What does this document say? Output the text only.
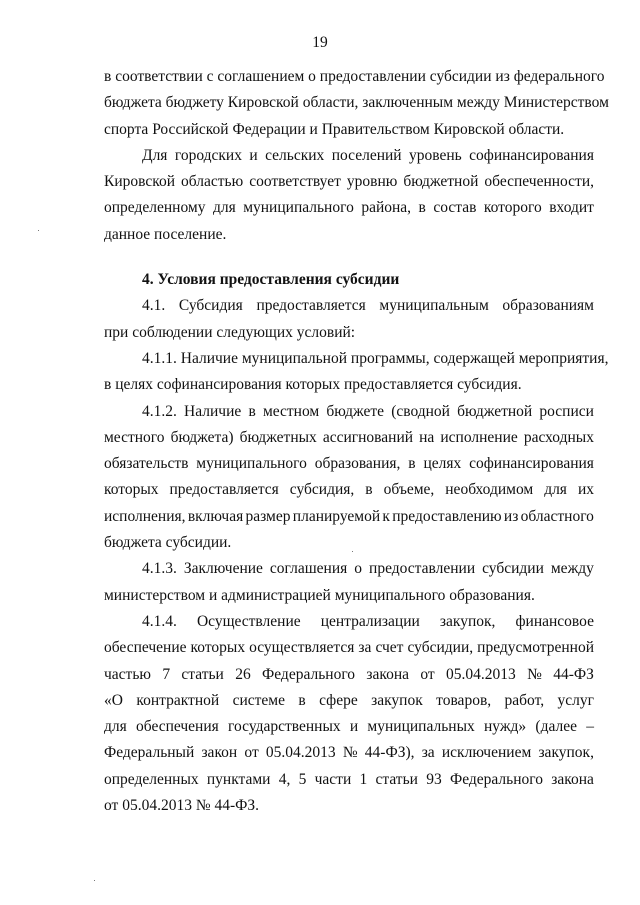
19
в соответствии с соглашением о предоставлении субсидии из федерального
бюджета бюджету Кировской области, заключенным между Министерством
спорта Российской Федерации и Правительством Кировской области.
Для городских и сельских поселений уровень софинансирования
Кировской областью соответствует уровню бюджетной обеспеченности,
определенному для муниципального района, в состав которого входит
данное поселение.
4. Условия предоставления субсидии
4.1. Субсидия предоставляется муниципальным образованиям
при соблюдении следующих условий:
4.1.1. Наличие муниципальной программы, содержащей мероприятия,
в целях софинансирования которых предоставляется субсидия.
4.1.2. Наличие в местном бюджете (сводной бюджетной росписи
местного бюджета) бюджетных ассигнований на исполнение расходных
обязательств муниципального образования, в целях софинансирования
которых предоставляется субсидия, в объеме, необходимом для их
исполнения, включая размер планируемой к предоставлению из областного
бюджета субсидии.
4.1.3. Заключение соглашения о предоставлении субсидии между
министерством и администрацией муниципального образования.
4.1.4. Осуществление централизации закупок, финансовое
обеспечение которых осуществляется за счет субсидии, предусмотренной
частью 7 статьи 26 Федерального закона от 05.04.2013 № 44-ФЗ
«О контрактной системе в сфере закупок товаров, работ, услуг
для обеспечения государственных и муниципальных нужд» (далее –
Федеральный закон от 05.04.2013 № 44-ФЗ), за исключением закупок,
определенных пунктами 4, 5 части 1 статьи 93 Федерального закона
от 05.04.2013 № 44-ФЗ.
